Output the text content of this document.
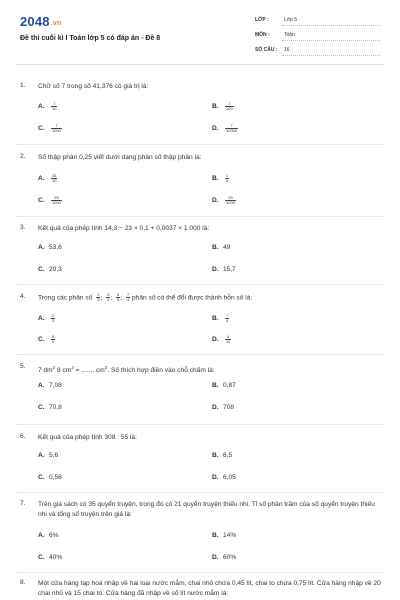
2048.vn
Đề thi cuối kì I Toán lớp 5 có đáp án - Đề 8
LỚP :	Lớp 5
MÔN :	Toán
SỐ CÂU : 16
1. Chữ số 7 trong số 41,376 có giá trị là:
A. $\frac{7}{10}$	B. $\frac{7}{100}$
C. $\frac{7}{1000}$	D. $\frac{7}{10000}$
2. Số thập phân 0,25 viết dưới dạng phân số thập phân là:
A. $\frac{25}{10}$	B. $\frac{1}{4}$
C. $\frac{25}{1000}$	D. $\frac{25}{1000}$
3. Kết quả của phép tính 14,3 − 23 × 0,1 + 0,0037 × 1 000 là:
A. 53,6	B. 49
C. 20,3	D. 15,7
4. Trong các phân số $\frac{2}{3}$ ; $\frac{3}{4}$ ; $\frac{5}{6}$ ; $\frac{7}{4}$ phân số có thể đổi được thành hỗn số là:
A. $\frac{2}{3}$	B. $\frac{7}{4}$
C. $\frac{5}{6}$	D. $\frac{4}{11}$
5.
7 $dm^2$ 8 $cm^2$ = ....... $cm^2$. Số thích hợp điền vào chỗ chấm là:
A. 7,08	B. 0,87
C. 70,8	D. 708
6. Kết quả của phép tính 308 : 55 là:
A. 5,6	B. 6,5
C. 0,56	D. 6,05
7. Trên giá sách có 35 quyển truyện, trong đó có 21 quyển truyện thiếu nhi. Tỉ số phần trăm của số quyển truyện thiếu nhi và tổng số truyện trên giá là:
A. 6%	B. 14%
C. 40%	D. 60%
8. Một cửa hàng tạp hoá nhập về hai loại nước mắm, chai nhỏ chứa 0,45 lít, chai to chứa 0,75 lít. Cửa hàng nhập về 20 chai nhỏ và 15 chai to. Cửa hàng đã nhập về số lít nước mắm là:
